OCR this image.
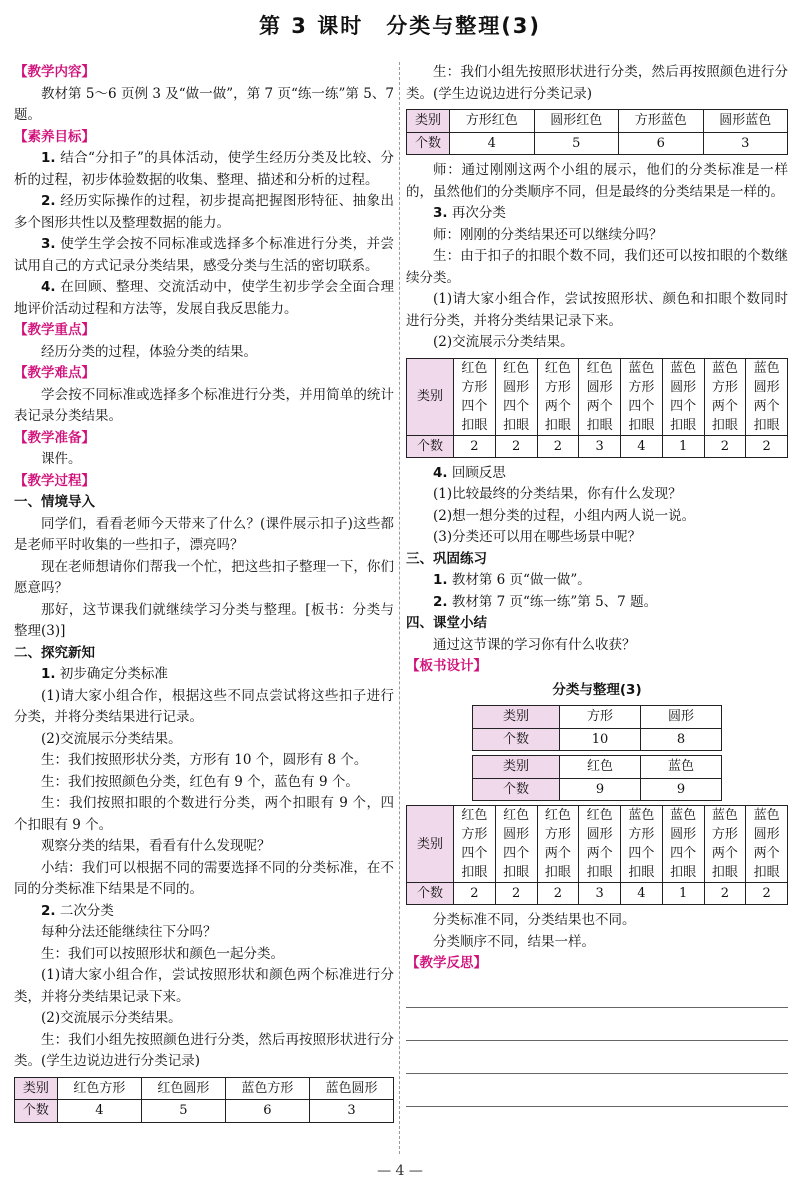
第 3 课时　分类与整理(3)
【教学内容】

教材第 5～6 页例 3 及“做一做”，第 7 页“练一练”第 5、7 题。

【素养目标】

1. 结合“分扣子”的具体活动，使学生经历分类及比较、分析的过程，初步体验数据的收集、整理、描述和分析的过程。

2. 经历实际操作的过程，初步提高把握图形特征、抽象出多个图形共性以及整理数据的能力。

3. 使学生学会按不同标准或选择多个标准进行分类，并尝试用自己的方式记录分类结果，感受分类与生活的密切联系。

4. 在回顾、整理、交流活动中，使学生初步学会全面合理地评价活动过程和方法等，发展自我反思能力。

【教学重点】

经历分类的过程，体验分类的结果。

【教学难点】

学会按不同标准或选择多个标准进行分类，并用简单的统计表记录分类结果。

【教学准备】

课件。

【教学过程】
一、情境导入

同学们，看看老师今天带来了什么？(课件展示扣子)这些都是老师平时收集的一些扣子，漂亮吗？

现在老师想请你们帮我一个忙，把这些扣子整理一下，你们愿意吗？

那好，这节课我们就继续学习分类与整理。[板书：分类与整理(3)]

二、探究新知

1. 初步确定分类标准

(1)请大家小组合作，根据这些不同点尝试将这些扣子进行分类，并将分类结果进行记录。

(2)交流展示分类结果。

生：我们按照形状分类，方形有 10 个，圆形有 8 个。

生：我们按照颜色分类，红色有 9 个，蓝色有 9 个。

生：我们按照扣眼的个数进行分类，两个扣眼有 9 个，四个扣眼有 9 个。

观察分类的结果，看看有什么发现呢？

小结：我们可以根据不同的需要选择不同的分类标准，在不同的分类标准下结果是不同的。

2. 二次分类

每种分法还能继续往下分吗？

生：我们可以按照形状和颜色一起分类。

(1)请大家小组合作，尝试按照形状和颜色两个标准进行分类，并将分类结果记录下来。

(2)交流展示分类结果。

生：我们小组先按照颜色进行分类，然后再按照形状进行分类。(学生边说边进行分类记录)

类别	红色方形	红色圆形	蓝色方形	蓝色圆形
个数	4	5	6	3

生：我们小组先按照形状进行分类，然后再按照颜色进行分类。(学生边说边进行分类记录)

类别	方形红色	圆形红色	方形蓝色	圆形蓝色
个数	4	5	6	3

师：通过刚刚这两个小组的展示，他们的分类标准是一样的，虽然他们的分类顺序不同，但是最终的分类结果是一样的。

3. 再次分类

师：刚刚的分类结果还可以继续分吗？

生：由于扣子的扣眼个数不同，我们还可以按扣眼的个数继续分类。

(1)请大家小组合作，尝试按照形状、颜色和扣眼个数同时进行分类，并将分类结果记录下来。

(2)交流展示分类结果。

类别	红色
方形
四个
扣眼	红色
圆形
四个
扣眼	红色
方形
两个
扣眼	红色
圆形
两个
扣眼	蓝色
方形
四个
扣眼	蓝色
圆形
四个
扣眼	蓝色
方形
两个
扣眼	蓝色
圆形
两个
扣眼
个数	2	2	2	3	4	1	2	2

4. 回顾反思

(1)比较最终的分类结果，你有什么发现？

(2)想一想分类的过程，小组内两人说一说。

(3)分类还可以用在哪些场景中呢？

三、巩固练习

1. 教材第 6 页“做一做”。

2. 教材第 7 页“练一练”第 5、7 题。

四、课堂小结

通过这节课的学习你有什么收获？

【板书设计】
分类与整理(3)
类别	方形	圆形
个数	10	8
类别	红色	蓝色
个数	9	9
类别	红色
方形
四个
扣眼	红色
圆形
四个
扣眼	红色
方形
两个
扣眼	红色
圆形
两个
扣眼	蓝色
方形
四个
扣眼	蓝色
圆形
四个
扣眼	蓝色
方形
两个
扣眼	蓝色
圆形
两个
扣眼
个数	2	2	2	3	4	1	2	2

分类标准不同，分类结果也不同。

分类顺序不同，结果一样。

【教学反思】
— 4 —
